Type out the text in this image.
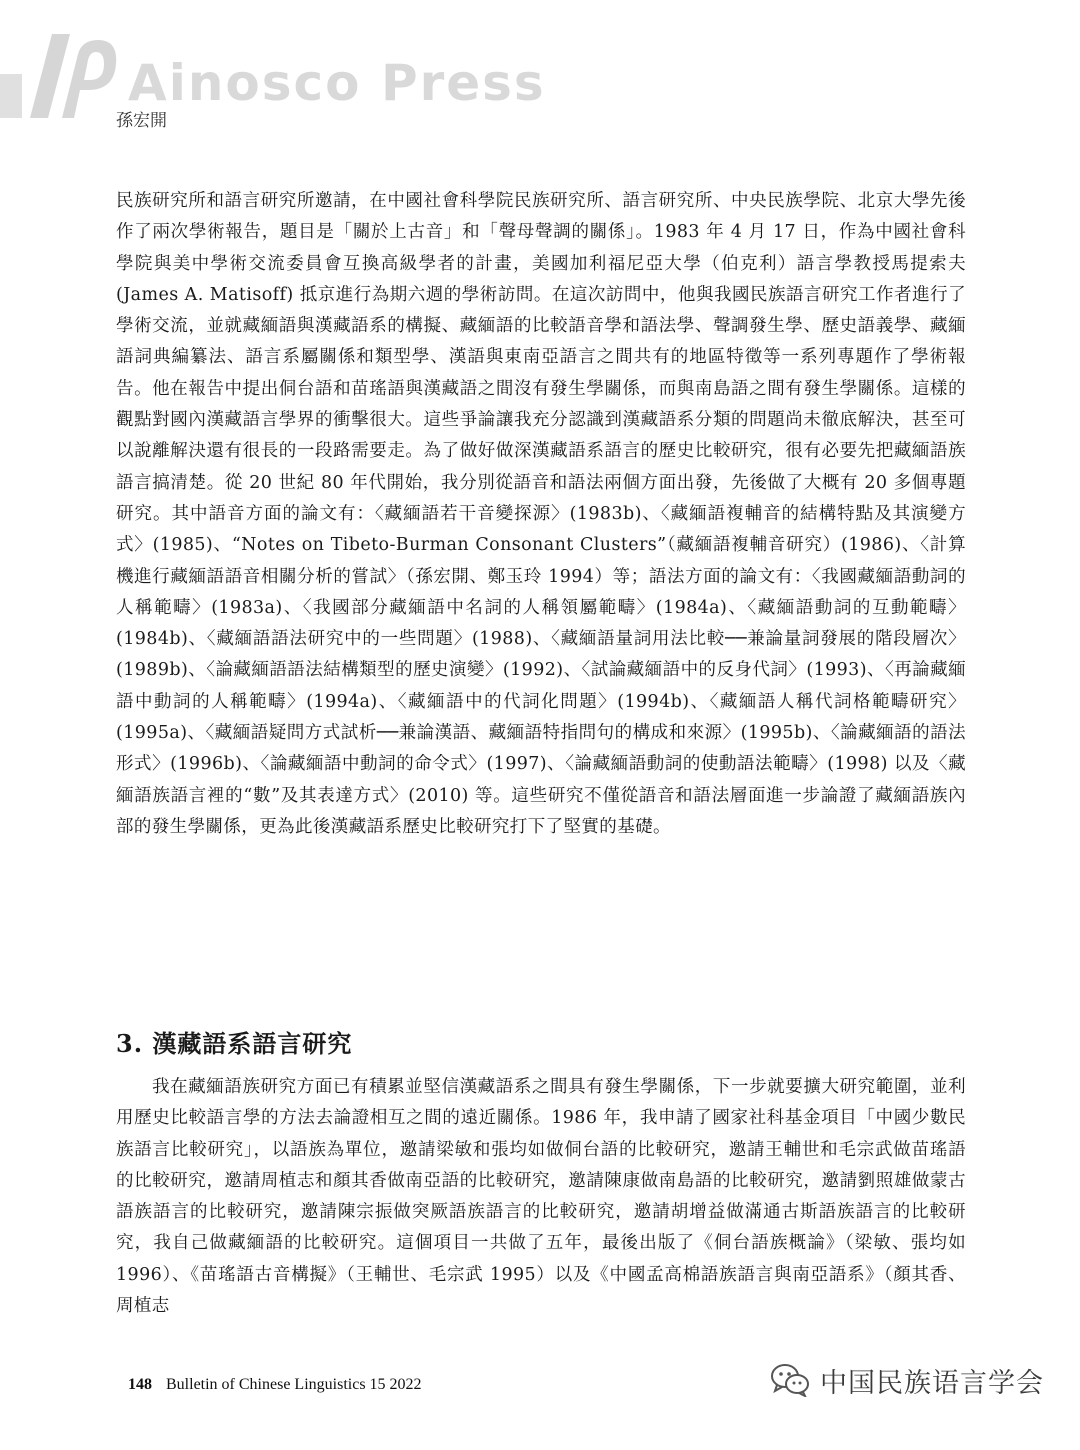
Ainosco Press
孫宏開
民族研究所和語言研究所邀請，在中國社會科學院民族研究所、語言研究所、中央民族學院、北京大學先後作了兩次學術報告，題目是「關於上古音」和「聲母聲調的關係」。1983 年 4 月 17 日，作為中國社會科學院與美中學術交流委員會互換高級學者的計畫，美國加利福尼亞大學（伯克利）語言學教授馬提索夫 (James A. Matisoff) 抵京進行為期六週的學術訪問。在這次訪問中，他與我國民族語言研究工作者進行了學術交流，並就藏緬語與漢藏語系的構擬、藏緬語的比較語音學和語法學、聲調發生學、歷史語義學、藏緬語詞典編纂法、語言系屬關係和類型學、漢語與東南亞語言之間共有的地區特徵等一系列專題作了學術報告。他在報告中提出侗台語和苗瑤語與漢藏語之間沒有發生學關係，而與南島語之間有發生學關係。這樣的觀點對國內漢藏語言學界的衝擊很大。這些爭論讓我充分認識到漢藏語系分類的問題尚未徹底解決，甚至可以說離解決還有很長的一段路需要走。為了做好做深漢藏語系語言的歷史比較研究，很有必要先把藏緬語族語言搞清楚。從 20 世紀 80 年代開始，我分別從語音和語法兩個方面出發，先後做了大概有 20 多個專題研究。其中語音方面的論文有：〈藏緬語若干音變探源〉(1983b)、〈藏緬語複輔音的結構特點及其演變方式〉(1985)、“Notes on Tibeto-Burman Consonant Clusters”（藏緬語複輔音研究）(1986)、〈計算機進行藏緬語語音相關分析的嘗試〉（孫宏開、鄭玉玲 1994）等；語法方面的論文有：〈我國藏緬語動詞的人稱範疇〉(1983a)、〈我國部分藏緬語中名詞的人稱領屬範疇〉(1984a)、〈藏緬語動詞的互動範疇〉(1984b)、〈藏緬語語法研究中的一些問題〉(1988)、〈藏緬語量詞用法比較──兼論量詞發展的階段層次〉(1989b)、〈論藏緬語語法結構類型的歷史演變〉(1992)、〈試論藏緬語中的反身代詞〉(1993)、〈再論藏緬語中動詞的人稱範疇〉(1994a)、〈藏緬語中的代詞化問題〉(1994b)、〈藏緬語人稱代詞格範疇研究〉(1995a)、〈藏緬語疑問方式試析──兼論漢語、藏緬語特指問句的構成和來源〉(1995b)、〈論藏緬語的語法形式〉(1996b)、〈論藏緬語中動詞的命令式〉(1997)、〈論藏緬語動詞的使動語法範疇〉(1998) 以及〈藏緬語族語言裡的“數”及其表達方式〉(2010) 等。這些研究不僅從語音和語法層面進一步論證了藏緬語族內部的發生學關係，更為此後漢藏語系歷史比較研究打下了堅實的基礎。
3. 漢藏語系語言研究
我在藏緬語族研究方面已有積累並堅信漢藏語系之間具有發生學關係，下一步就要擴大研究範圍，並利用歷史比較語言學的方法去論證相互之間的遠近關係。1986 年，我申請了國家社科基金項目「中國少數民族語言比較研究」，以語族為單位，邀請梁敏和張均如做侗台語的比較研究，邀請王輔世和毛宗武做苗瑤語的比較研究，邀請周植志和顏其香做南亞語的比較研究，邀請陳康做南島語的比較研究，邀請劉照雄做蒙古語族語言的比較研究，邀請陳宗振做突厥語族語言的比較研究，邀請胡增益做滿通古斯語族語言的比較研究，我自己做藏緬語的比較研究。這個項目一共做了五年，最後出版了《侗台語族概論》（梁敏、張均如 1996）、《苗瑤語古音構擬》（王輔世、毛宗武 1995）以及《中國孟高棉語族語言與南亞語系》（顏其香、周植志
148 Bulletin of Chinese Linguistics 15 2022	中国民族语言学会
